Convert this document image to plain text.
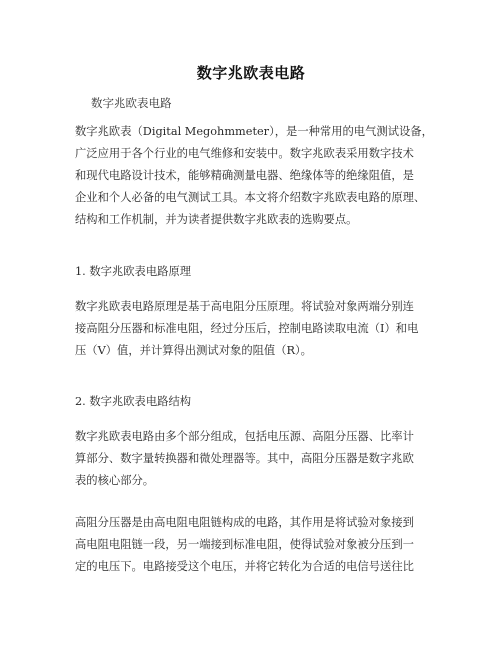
数字兆欧表电路
数字兆欧表电路
数字兆欧表（Digital Megohmmeter），是一种常用的电气测试设备，
广泛应用于各个行业的电气维修和安装中。数字兆欧表采用数字技术
和现代电路设计技术，能够精确测量电器、绝缘体等的绝缘阻值，是
企业和个人必备的电气测试工具。本文将介绍数字兆欧表电路的原理、
结构和工作机制，并为读者提供数字兆欧表的选购要点。
1. 数字兆欧表电路原理
数字兆欧表电路原理是基于高电阻分压原理。将试验对象两端分别连
接高阻分压器和标准电阻，经过分压后，控制电路读取电流（I）和电
压（V）值，并计算得出测试对象的阻值（R）。
2. 数字兆欧表电路结构
数字兆欧表电路由多个部分组成，包括电压源、高阻分压器、比率计
算部分、数字量转换器和微处理器等。其中，高阻分压器是数字兆欧
表的核心部分。
高阻分压器是由高电阻电阻链构成的电路，其作用是将试验对象接到
高电阻电阻链一段，另一端接到标准电阻，使得试验对象被分压到一
定的电压下。电路接受这个电压，并将它转化为合适的电信号送往比
